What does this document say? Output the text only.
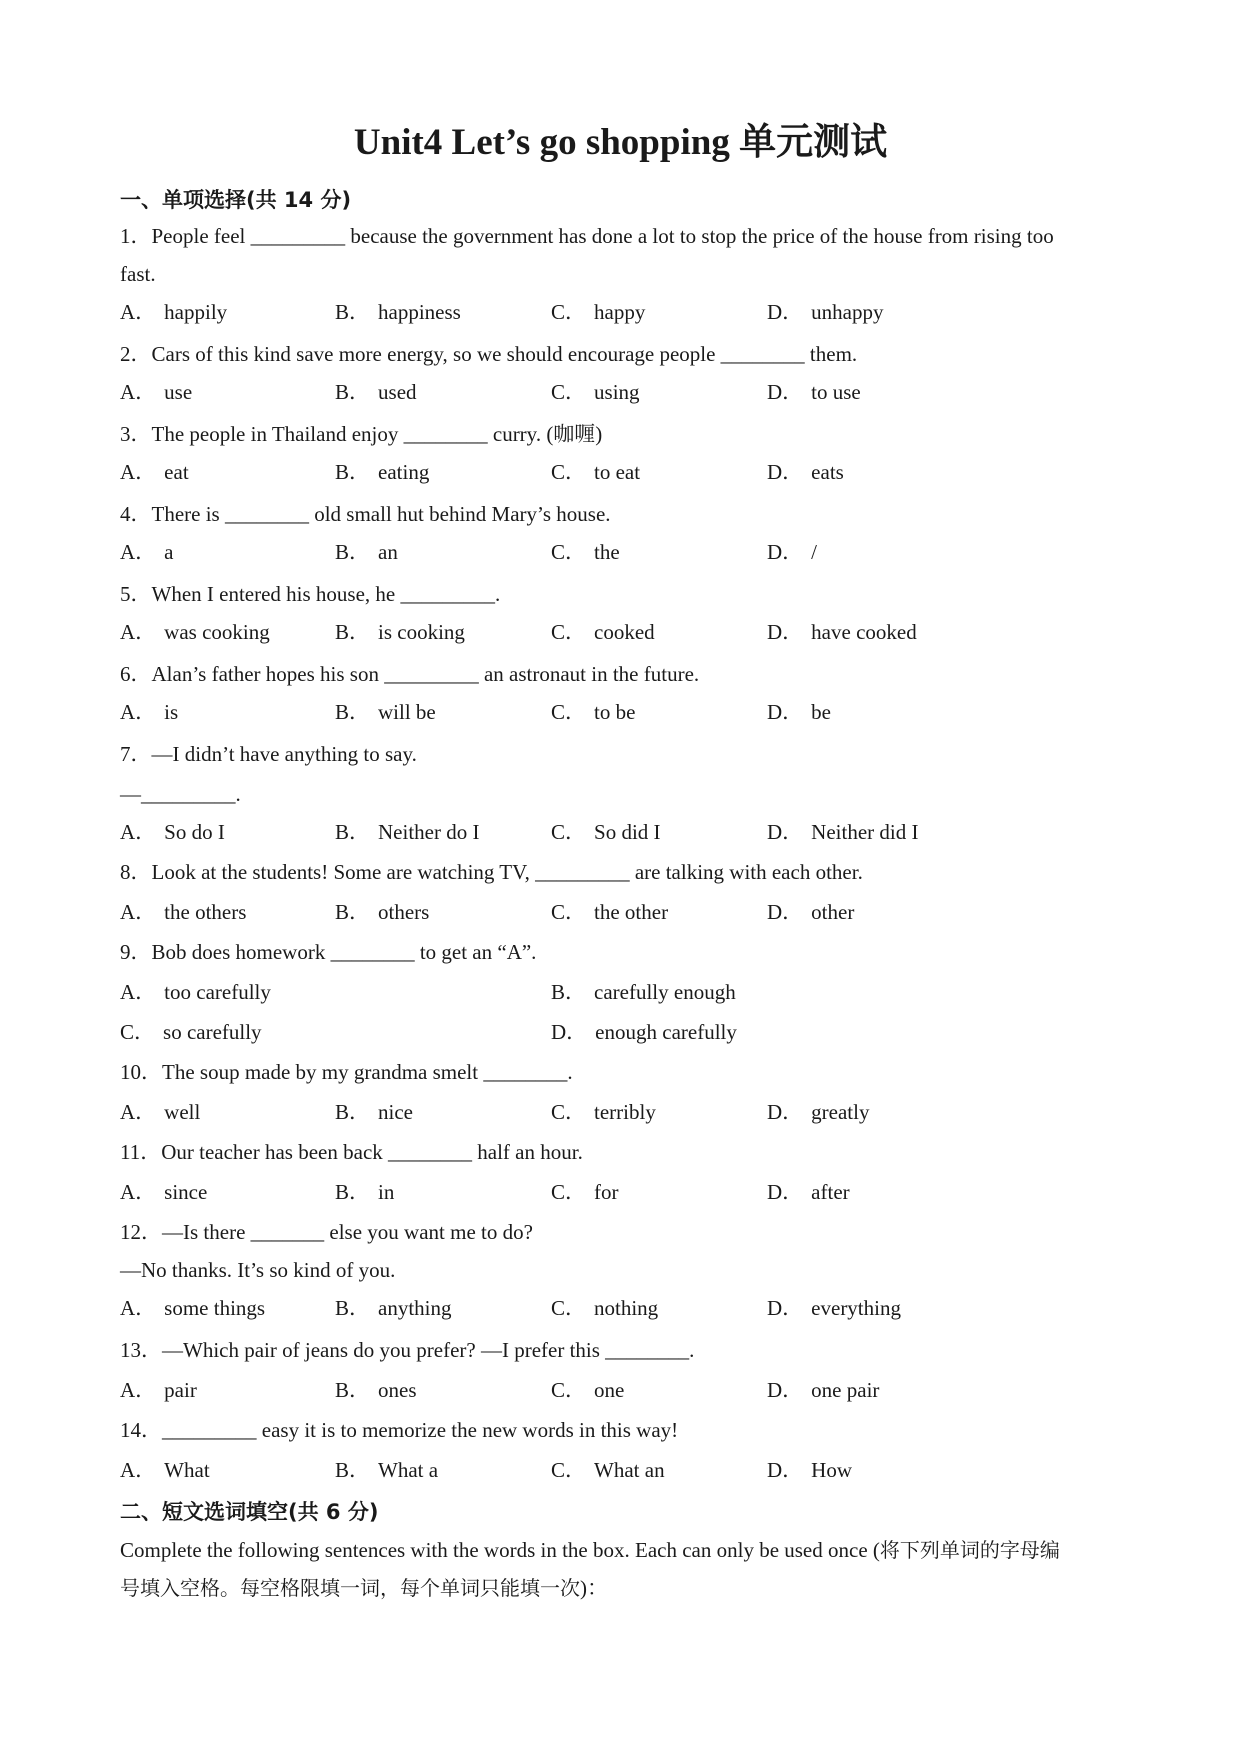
Unit4 Let’s go shopping 单元测试
一、单项选择(共 14 分)
1．People feel _________ because the government has done a lot to stop the price of the house from rising too
fast.
A． happily	B． happiness	C． happy	D． unhappy
2．Cars of this kind save more energy, so we should encourage people ________ them.
A． use	B． used	C． using	D． to use
3．The people in Thailand enjoy ________ curry. (咖喱)
A． eat	B． eating	C． to eat	D． eats
4．There is ________ old small hut behind Mary’s house.
A． a	B． an	C． the	D． /
5．When I entered his house, he _________.
A． was cooking	B． is cooking	C． cooked	D． have cooked
6．Alan’s father hopes his son _________ an astronaut in the future.
A． is	B． will be	C． to be	D． be
7．—I didn’t have anything to say.
—_________.
A． So do I	B． Neither do I	C． So did I	D． Neither did I
8．Look at the students! Some are watching TV, _________ are talking with each other.
A． the others	B． others	C． the other	D． other
9．Bob does homework ________ to get an “A”.
A． too carefully	B． carefully enough
C． so carefully	D． enough carefully
10．The soup made by my grandma smelt ________.
A． well	B． nice	C． terribly	D． greatly
11．Our teacher has been back ________ half an hour.
A． since	B． in	C． for	D． after
12．—Is there _______ else you want me to do?
—No thanks. It’s so kind of you.
A． some things	B． anything	C． nothing	D． everything
13．—Which pair of jeans do you prefer? —I prefer this ________.
A． pair	B． ones	C． one	D． one pair
14．_________ easy it is to memorize the new words in this way!
A． What	B． What a	C． What an	D． How
二、短文选词填空(共 6 分)
Complete the following sentences with the words in the box. Each can only be used once (将下列单词的字母编
号填入空格。每空格限填一词，每个单词只能填一次)：
